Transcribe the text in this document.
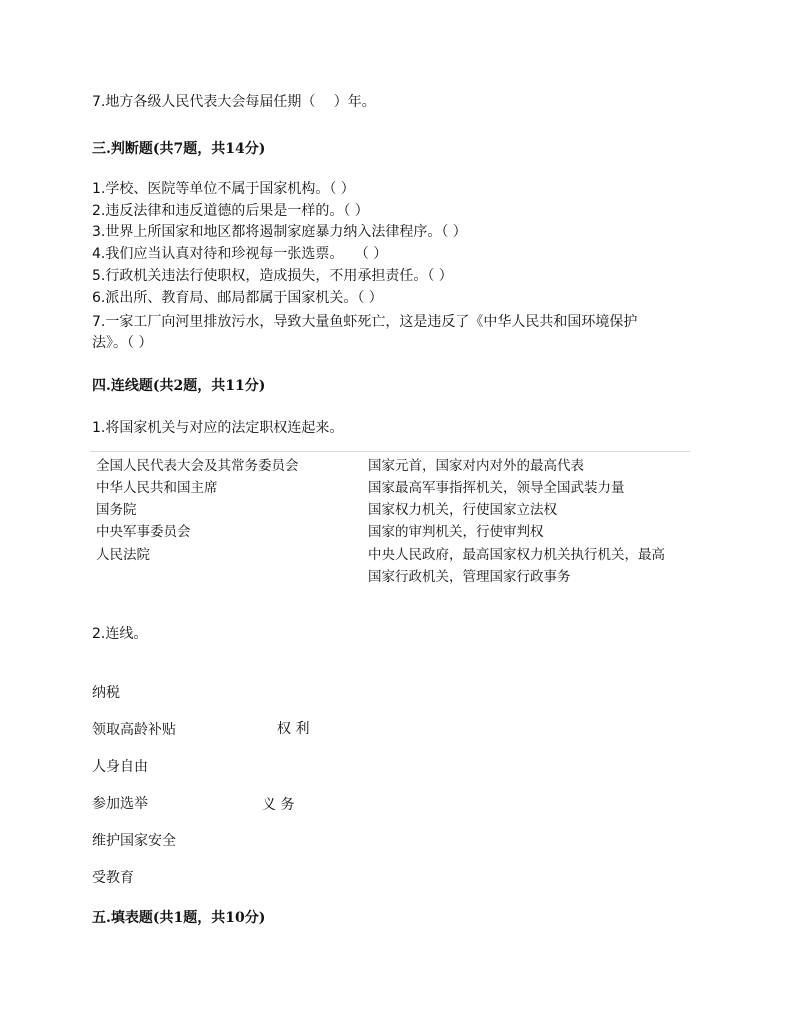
7.地方各级人民代表大会每届任期（　 ）年。
三.判断题(共7题，共14分)
1.学校、医院等单位不属于国家机构。（ ）
2.违反法律和违反道德的后果是一样的。（ ）
3.世界上所国家和地区都将遏制家庭暴力纳入法律程序。（ ）
4.我们应当认真对待和珍视每一张选票。　 （ ）
5.行政机关违法行使职权，造成损失，不用承担责任。（ ）
6.派出所、教育局、邮局都属于国家机关。（ ）
7.一家工厂向河里排放污水，导致大量鱼虾死亡，这是违反了《中华人民共和国环境保护
法》。（ ）
四.连线题(共2题，共11分)
1.将国家机关与对应的法定职权连起来。
全国人民代表大会及其常务委员会
中华人民共和国主席
国务院
中央军事委员会
人民法院
国家元首，国家对内对外的最高代表
国家最高军事指挥机关，领导全国武装力量
国家权力机关，行使国家立法权
国家的审判机关，行使审判权
中央人民政府，最高国家权力机关执行机关，最高
国家行政机关，管理国家行政事务
2.连线。
纳税
领取高龄补贴
人身自由
参加选举
维护国家安全
受教育
权 利
义 务
五.填表题(共1题，共10分)
